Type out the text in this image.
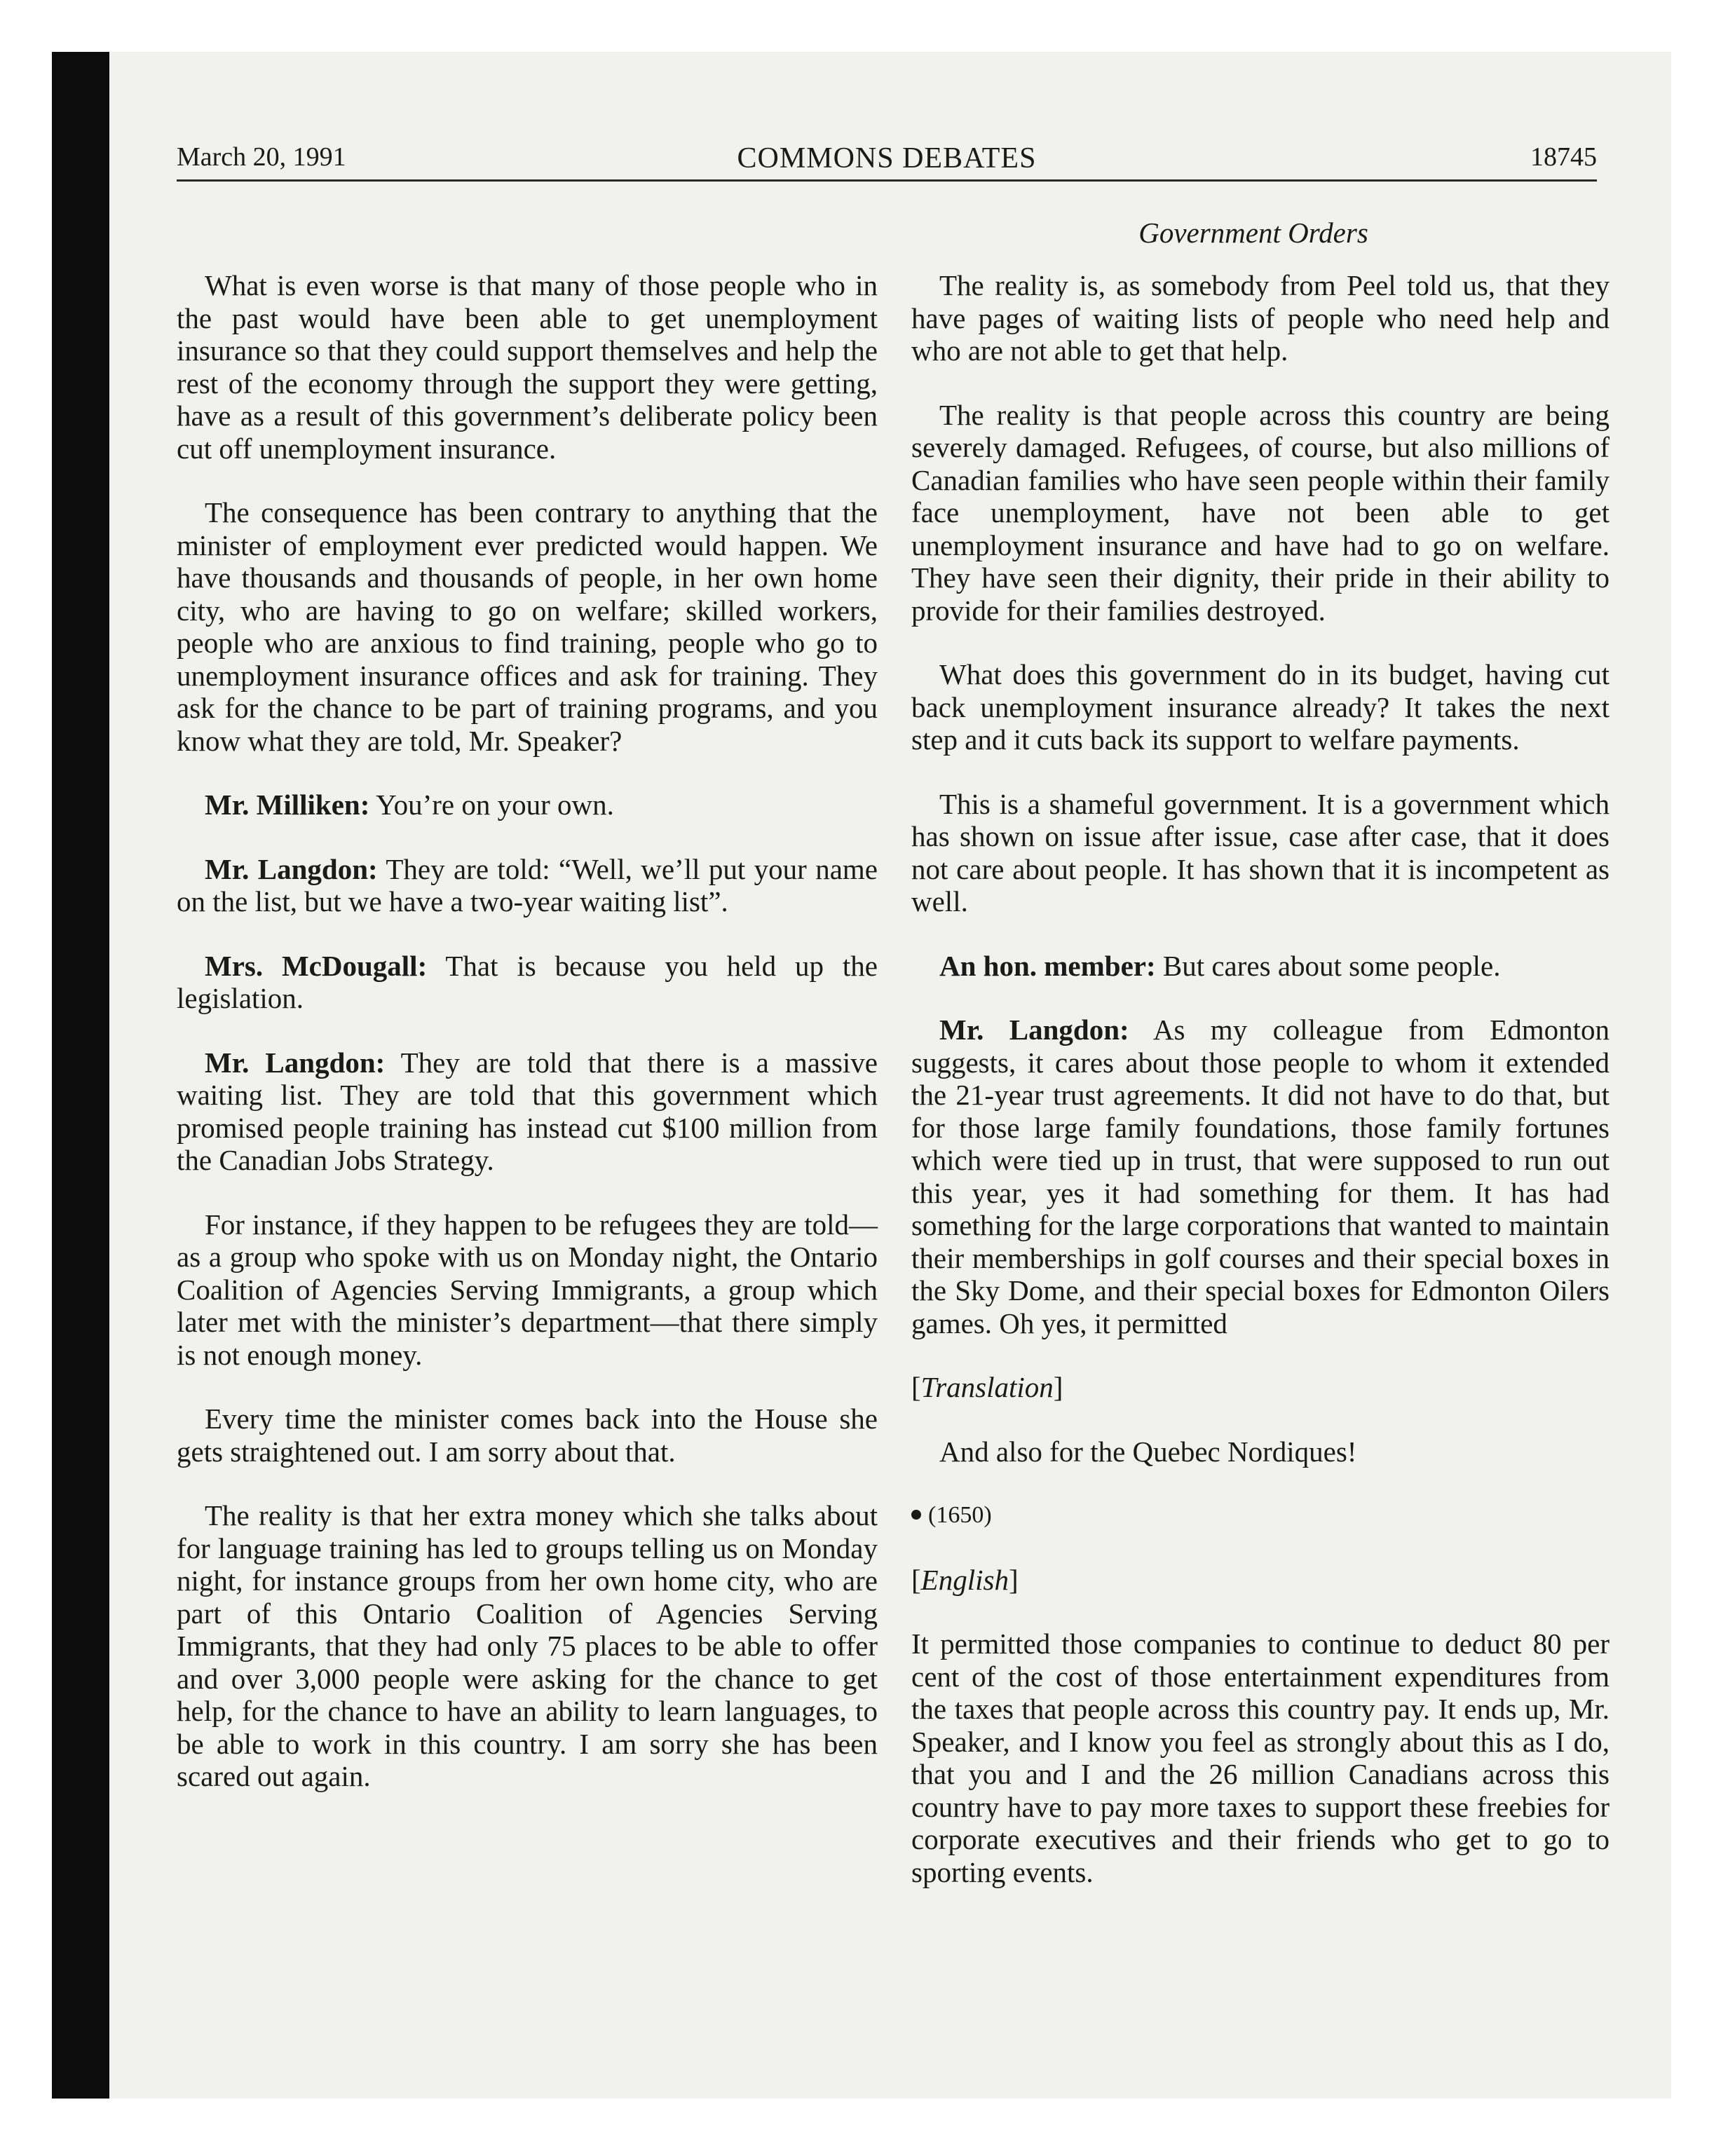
March 20, 1991	COMMONS DEBATES	18745
Government Orders

What is even worse is that many of those people who in the past would have been able to get unemployment insurance so that they could support themselves and help the rest of the economy through the support they were getting, have as a result of this government’s deliberate policy been cut off unemployment insurance.

The consequence has been contrary to anything that the minister of employment ever predicted would happen. We have thousands and thousands of people, in her own home city, who are having to go on welfare; skilled workers, people who are anxious to find training, people who go to unemployment insurance offices and ask for training. They ask for the chance to be part of training programs, and you know what they are told, Mr. Speaker?

Mr. Milliken: You’re on your own.

Mr. Langdon: They are told: “Well, we’ll put your name on the list, but we have a two-year waiting list”.

Mrs. McDougall: That is because you held up the legislation.

Mr. Langdon: They are told that there is a massive waiting list. They are told that this government which promised people training has instead cut $100 million from the Canadian Jobs Strategy.

For instance, if they happen to be refugees they are told—as a group who spoke with us on Monday night, the Ontario Coalition of Agencies Serving Immigrants, a group which later met with the minister’s department—that there simply is not enough money.

Every time the minister comes back into the House she gets straightened out. I am sorry about that.

The reality is that her extra money which she talks about for language training has led to groups telling us on Monday night, for instance groups from her own home city, who are part of this Ontario Coalition of Agencies Serving Immigrants, that they had only 75 places to be able to offer and over 3,000 people were asking for the chance to get help, for the chance to have an ability to learn languages, to be able to work in this country. I am sorry she has been scared out again.

The reality is, as somebody from Peel told us, that they have pages of waiting lists of people who need help and who are not able to get that help.

The reality is that people across this country are being severely damaged. Refugees, of course, but also millions of Canadian families who have seen people within their family face unemployment, have not been able to get unemployment insurance and have had to go on welfare. They have seen their dignity, their pride in their ability to provide for their families destroyed.

What does this government do in its budget, having cut back unemployment insurance already? It takes the next step and it cuts back its support to welfare payments.

This is a shameful government. It is a government which has shown on issue after issue, case after case, that it does not care about people. It has shown that it is incompetent as well.

An hon. member: But cares about some people.

Mr. Langdon: As my colleague from Edmonton suggests, it cares about those people to whom it extended the 21-year trust agreements. It did not have to do that, but for those large family foundations, those family fortunes which were tied up in trust, that were supposed to run out this year, yes it had something for them. It has had something for the large corporations that wanted to maintain their memberships in golf courses and their special boxes in the Sky Dome, and their special boxes for Edmonton Oilers games. Oh yes, it permitted

[Translation]

And also for the Quebec Nordiques!

(1650)

[English]

It permitted those companies to continue to deduct 80 per cent of the cost of those entertainment expenditures from the taxes that people across this country pay. It ends up, Mr. Speaker, and I know you feel as strongly about this as I do, that you and I and the 26 million Canadians across this country have to pay more taxes to support these freebies for corporate executives and their friends who get to go to sporting events.
